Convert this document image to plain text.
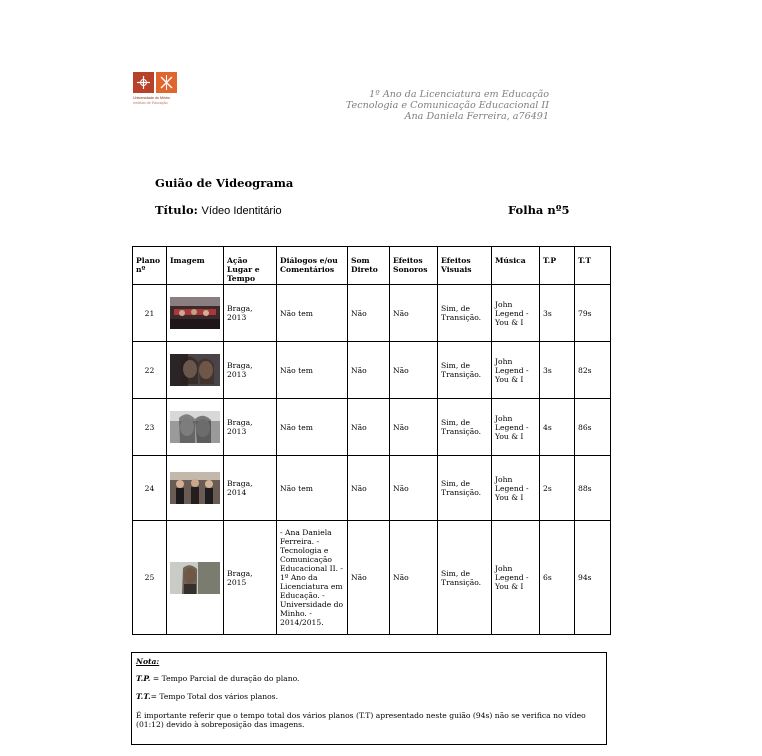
Universidade do Minho
Instituto de Educação
1º Ano da Licenciatura em Educação
Tecnologia e Comunicação Educacional II
Ana Daniela Ferreira, a76491
Guião de Videograma
Título: Vídeo Identitário	Folha nº5
Plano nº	Imagem	Ação Lugar e Tempo	Diálogos e/ou Comentários	Som Direto	Efeitos Sonoros	Efeitos Visuais	Música	T.P	T.T
21		Braga, 2013	Não tem	Não	Não	Sim, de Transição.	John Legend - You & I	3s	79s
22		Braga, 2013	Não tem	Não	Não	Sim, de Transição.	John Legend - You & I	3s	82s
23		Braga, 2013	Não tem	Não	Não	Sim, de Transição.	John Legend - You & I	4s	86s
24		Braga, 2014	Não tem	Não	Não	Sim, de Transição.	John Legend - You & I	2s	88s
25		Braga, 2015	- Ana Daniela Ferreira. - Tecnologia e Comunicação Educacional II. - 1º Ano da Licenciatura em Educação. - Universidade do Minho. - 2014/2015.	Não	Não	Sim, de Transição.	John Legend - You & I	6s	94s
Nota:

T.P. = Tempo Parcial de duração do plano.

T.T.= Tempo Total dos vários planos.

É importante referir que o tempo total dos vários planos (T.T) apresentado neste guião (94s) não se verifica no vídeo (01:12) devido à sobreposição das imagens.
